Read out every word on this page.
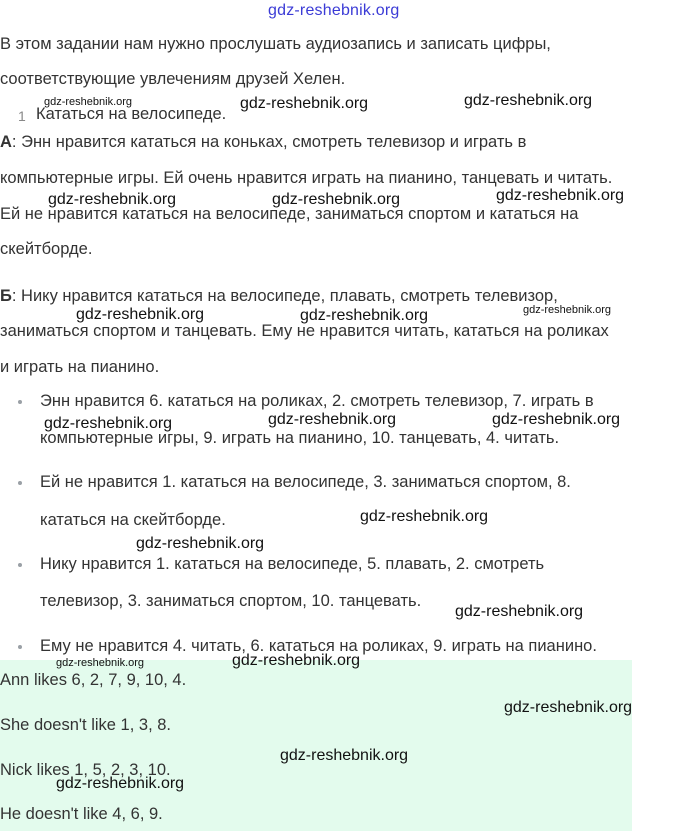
В этом задании нам нужно прослушать аудиозапись и записать цифры,
соответствующие увлечениям друзей Хелен.
1 Кататься на велосипеде.
А: Энн нравится кататься на коньках, смотреть телевизор и играть в
компьютерные игры. Ей очень нравится играть на пианино, танцевать и читать.
Ей не нравится кататься на велосипеде, заниматься спортом и кататься на
скейтборде.
Б: Нику нравится кататься на велосипеде, плавать, смотреть телевизор,
заниматься спортом и танцевать. Ему не нравится читать, кататься на роликах
и играть на пианино.
Энн нравится 6. кататься на роликах, 2. смотреть телевизор, 7. играть в
компьютерные игры, 9. играть на пианино, 10. танцевать, 4. читать.
Ей не нравится 1. кататься на велосипеде, 3. заниматься спортом, 8.
кататься на скейтборде.
Нику нравится 1. кататься на велосипеде, 5. плавать, 2. смотреть
телевизор, 3. заниматься спортом, 10. танцевать.
Ему не нравится 4. читать, 6. кататься на роликах, 9. играть на пианино.
Ann likes 6, 2, 7, 9, 10, 4.
She doesn't like 1, 3, 8.
Nick likes 1, 5, 2, 3, 10.
He doesn't like 4, 6, 9.
gdz-reshebnik.org
gdz-reshebnik.org	gdz-reshebnik.org	gdz-reshebnik.org
gdz-reshebnik.org	gdz-reshebnik.org	gdz-reshebnik.org
gdz-reshebnik.org	gdz-reshebnik.org	gdz-reshebnik.org
gdz-reshebnik.org	gdz-reshebnik.org	gdz-reshebnik.org
gdz-reshebnik.org
gdz-reshebnik.org
gdz-reshebnik.org
gdz-reshebnik.org	gdz-reshebnik.org
gdz-reshebnik.org
gdz-reshebnik.org
gdz-reshebnik.org
